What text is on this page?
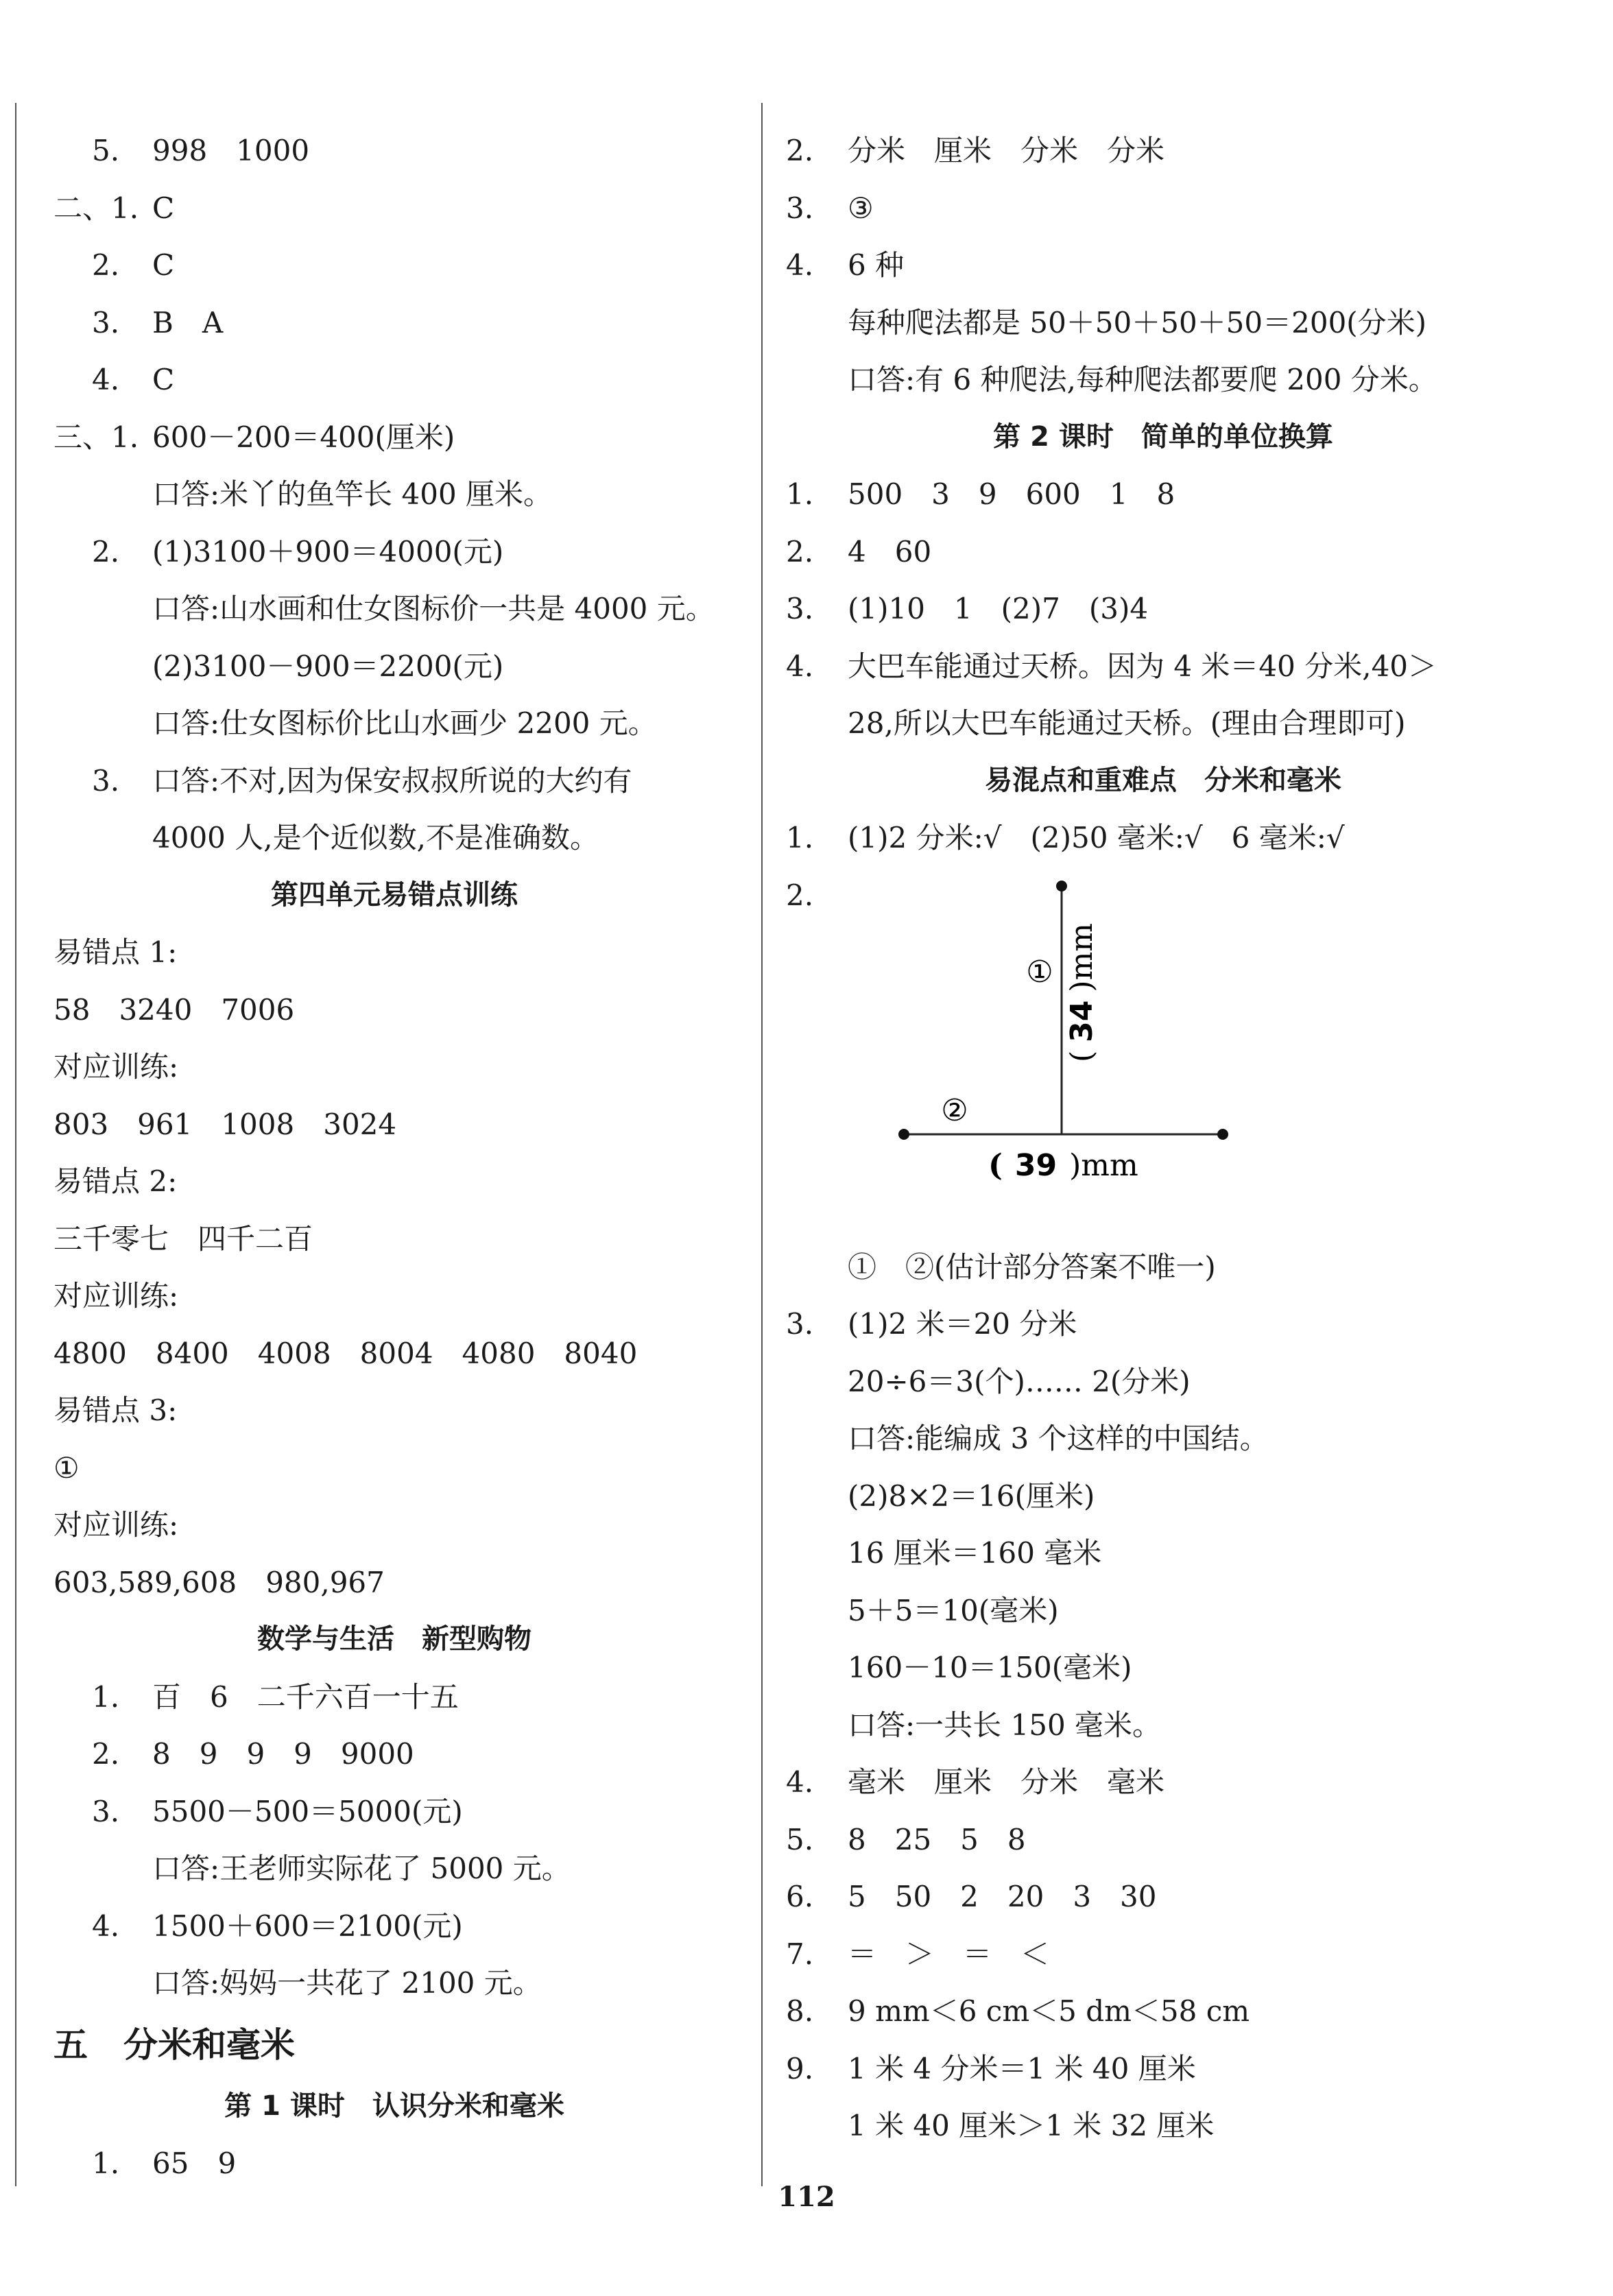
5. 998　1000
二、1. C
2. C
3. B　A
4. C
三、1. 600－200＝400(厘米)
口答:米丫的鱼竿长 400 厘米。
2. (1)3100＋900＝4000(元)
口答:山水画和仕女图标价一共是 4000 元。
(2)3100－900＝2200(元)
口答:仕女图标价比山水画少 2200 元。
3. 口答:不对,因为保安叔叔所说的大约有
4000 人,是个近似数,不是准确数。
第四单元易错点训练
易错点 1:
58　3240　7006
对应训练:
803　961　1008　3024
易错点 2:
三千零七　四千二百
对应训练:
4800　8400　4008　8004　4080　8040
易错点 3:
①
对应训练:
603,589,608　980,967
数学与生活　新型购物
1. 百　6　二千六百一十五
2. 8　9　9　9　9000
3. 5500－500＝5000(元)
口答:王老师实际花了 5000 元。
4. 1500＋600＝2100(元)
口答:妈妈一共花了 2100 元。
五 分米和毫米
第 1 课时　认识分米和毫米
1. 65　9
2. 分米　厘米　分米　分米
3. ③
4. 6 种
每种爬法都是 50＋50＋50＋50＝200(分米)
口答:有 6 种爬法,每种爬法都要爬 200 分米。
第 2 课时　简单的单位换算
1. 500　3　9　600　1　8
2. 4　60
3. (1)10　1　(2)7　(3)4
4. 大巴车能通过天桥。因为 4 米＝40 分米,40＞
28,所以大巴车能通过天桥。(理由合理即可)
易混点和重难点　分米和毫米
1. (1)2 分米:√　(2)50 毫米:√　6 毫米:√
2.
①
②
(34)mm
( 39 )mm
①　②(估计部分答案不唯一)
3. (1)2 米＝20 分米
20÷6＝3(个)…… 2(分米)
口答:能编成 3 个这样的中国结。
(2)8×2＝16(厘米)
16 厘米＝160 毫米
5＋5＝10(毫米)
160－10＝150(毫米)
口答:一共长 150 毫米。
4. 毫米　厘米　分米　毫米
5. 8　25　5　8
6. 5　50　2　20　3　30
7. ＝　＞　＝　＜
8. 9 mm＜6 cm＜5 dm＜58 cm
9. 1 米 4 分米＝1 米 40 厘米
1 米 40 厘米＞1 米 32 厘米
112
